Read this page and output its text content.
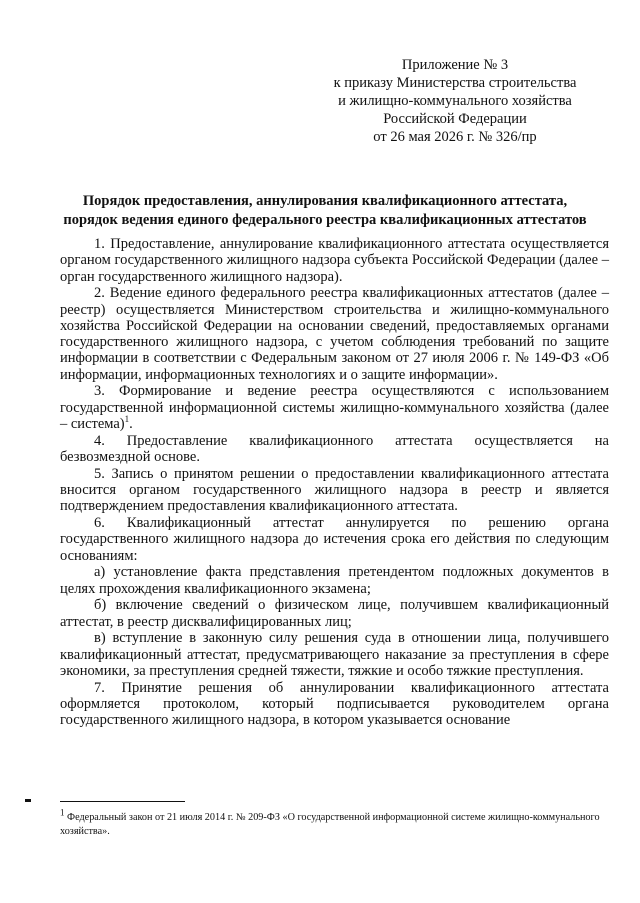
Приложение № 3
к приказу Министерства строительства
и жилищно-коммунального хозяйства
Российской Федерации
от 26 мая 2026 г. № 326/пр
Порядок предоставления, аннулирования квалификационного аттестата,
порядок ведения единого федерального реестра квалификационных аттестатов

1. Предоставление, аннулирование квалификационного аттестата осуществляется органом государственного жилищного надзора субъекта Российской Федерации (далее – орган государственного жилищного надзора).

2. Ведение единого федерального реестра квалификационных аттестатов (далее – реестр) осуществляется Министерством строительства и жилищно-коммунального хозяйства Российской Федерации на основании сведений, предоставляемых органами государственного жилищного надзора, с учетом соблюдения требований по защите информации в соответствии с Федеральным законом от 27 июля 2006 г. № 149-ФЗ «Об информации, информационных технологиях и о защите информации».

3. Формирование и ведение реестра осуществляются с использованием государственной информационной системы жилищно-коммунального хозяйства (далее – система)$^1$.

4. Предоставление квалификационного аттестата осуществляется на безвозмездной основе.

5. Запись о принятом решении о предоставлении квалификационного аттестата вносится органом государственного жилищного надзора в реестр и является подтверждением предоставления квалификационного аттестата.

6. Квалификационный аттестат аннулируется по решению органа государственного жилищного надзора до истечения срока его действия по следующим основаниям:

а) установление факта представления претендентом подложных документов в целях прохождения квалификационного экзамена;

б) включение сведений о физическом лице, получившем квалификационный аттестат, в реестр дисквалифицированных лиц;

в) вступление в законную силу решения суда в отношении лица, получившего квалификационный аттестат, предусматривающего наказание за преступления в сфере экономики, за преступления средней тяжести, тяжкие и особо тяжкие преступления.

7. Принятие решения об аннулировании квалификационного аттестата оформляется протоколом, который подписывается руководителем органа государственного жилищного надзора, в котором указывается основание

$^1$ Федеральный закон от 21 июля 2014 г. № 209-ФЗ «О государственной информационной системе жилищно-коммунального хозяйства».
